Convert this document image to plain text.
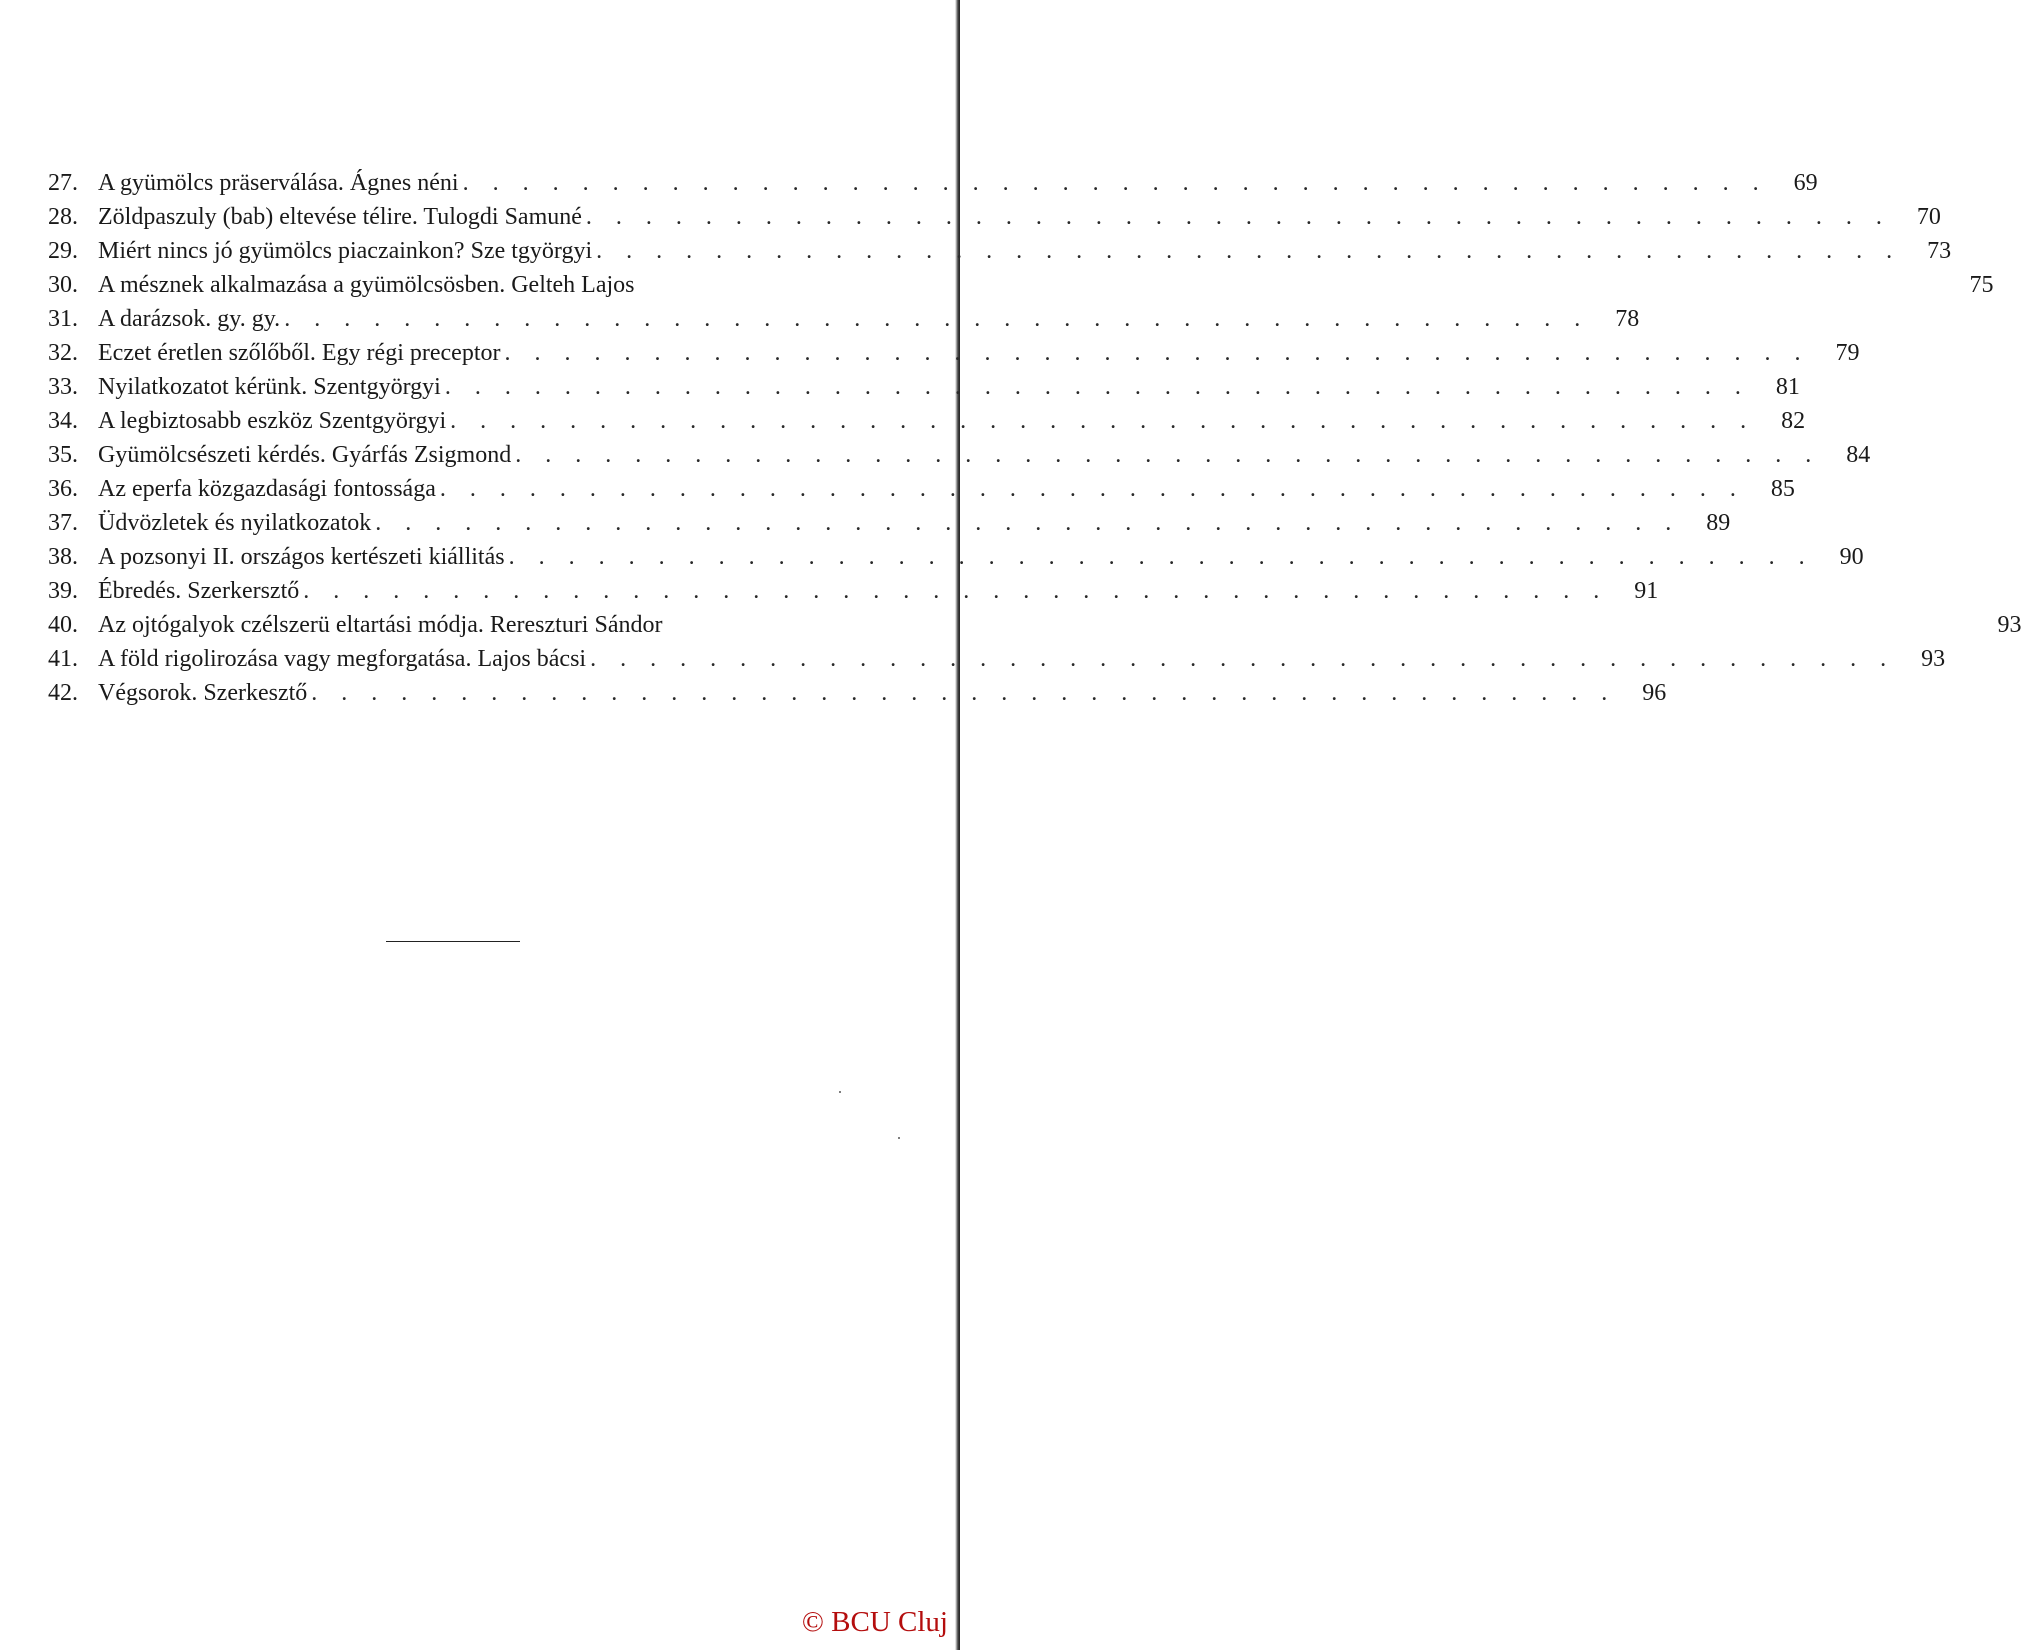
27. A gyümölcs präserválása. Ágnes néni . . .	69
28. Zöldpaszuly (bab) eltevése télire. Tulogdi Samuné . . .	70
29. Miért nincs jó gyümölcs piaczainkon? Sze tgyörgyi . . .	73
30. A mésznek alkalmazása a gyümölcsösben. Gelteh Lajos	75
31. A darázsok. gy. gy. . . .	78
32. Eczet éretlen szőlőből. Egy régi preceptor . . .	79
33. Nyilatkozatot kérünk. Szentgyörgyi . . .	81
34. A legbiztosabb eszköz Szentgyörgyi . . .	82
35. Gyümölcsészeti kérdés. Gyárfás Zsigmond . . .	84
36. Az eperfa közgazdasági fontossága . . .	85
37. Üdvözletek és nyilatkozatok . . .	89
38. A pozsonyi II. országos kertészeti kiállitás . . .	90
39. Ébredés. Szerkersztő . . .	91
40. Az ojtógalyok czélszerü eltartási módja. Rereszturi Sándor	93
41. A föld rigolirozása vagy megforgatása. Lajos bácsi . . .	93
42. Végsorok. Szerkesztő . . .	96
© BCU Cluj
